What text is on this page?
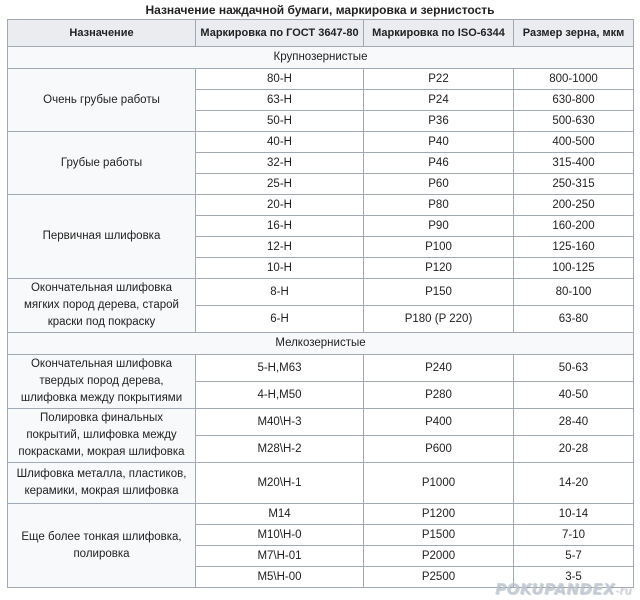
Назначение наждачной бумаги, маркировка и зернистость
Назначение	Маркировка по ГОСТ 3647-80	Маркировка по ISO-6344	Размер зерна, мкм
Крупнозернистые			
Очень грубые работы	80-Н	P22	800-1000
	63-Н	P24	630-800
	50-Н	P36	500-630
Грубые работы	40-Н	P40	400-500
	32-Н	P46	315-400
	25-Н	P60	250-315
Первичная шлифовка	20-Н	P80	200-250
	16-Н	P90	160-200
	12-Н	P100	125-160
	10-Н	P120	100-125
Окончательная шлифовка мягких пород дерева, старой краски под покраску	8-Н	P150	80-100
	6-Н	P180 (P 220)	63-80
Мелкозернистые			
Окончательная шлифовка твердых пород дерева, шлифовка между покрытиями	5-Н,М63	P240	50-63
	4-Н,М50	P280	40-50
Полировка финальных покрытий, шлифовка между покрасками, мокрая шлифовка	М40\Н-3	P400	28-40
	М28\Н-2	P600	20-28
Шлифовка металла, пластиков, керамики, мокрая шлифовка	М20\Н-1	P1000	14-20
Еще более тонкая шлифовка, полировка	М14	P1200	10-14
	М10\Н-0	P1500	7-10
	М7\Н-01	P2000	5-7
	М5\Н-00	P2500	3-5
POKUPANDEX-ru
